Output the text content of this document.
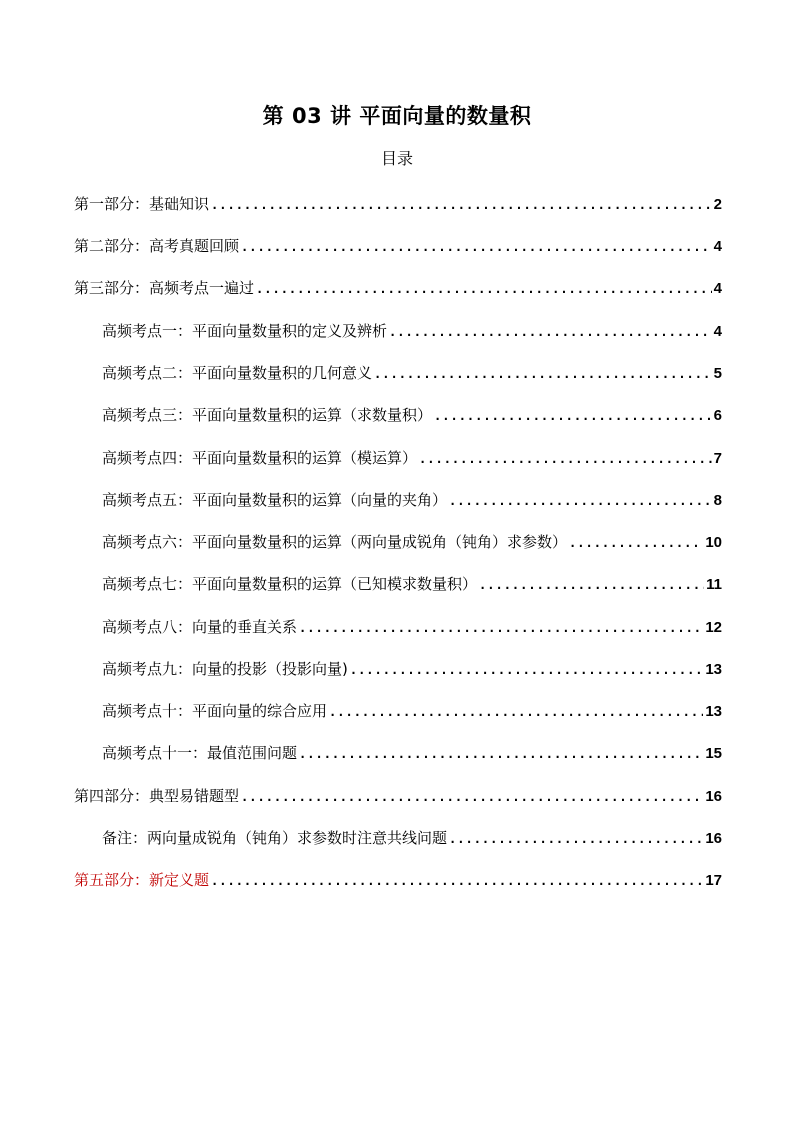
第 03 讲 平面向量的数量积
目录
第一部分：基础知识 .....	2
第二部分：高考真题回顾 .....	4
第三部分：高频考点一遍过 .....	4
高频考点一：平面向量数量积的定义及辨析 .....	4
高频考点二：平面向量数量积的几何意义 .....	5
高频考点三：平面向量数量积的运算（求数量积） .....	6
高频考点四：平面向量数量积的运算（模运算） .....	7
高频考点五：平面向量数量积的运算（向量的夹角） .....	8
高频考点六：平面向量数量积的运算（两向量成锐角（钝角）求参数） .....	10
高频考点七：平面向量数量积的运算（已知模求数量积） .....	11
高频考点八：向量的垂直关系 .....	12
高频考点九：向量的投影（投影向量) .....	13
高频考点十：平面向量的综合应用 .....	13
高频考点十一：最值范围问题 .....	15
第四部分：典型易错题型 .....	16
备注：两向量成锐角（钝角）求参数时注意共线问题 .....	16
第五部分：新定义题 .....	17
